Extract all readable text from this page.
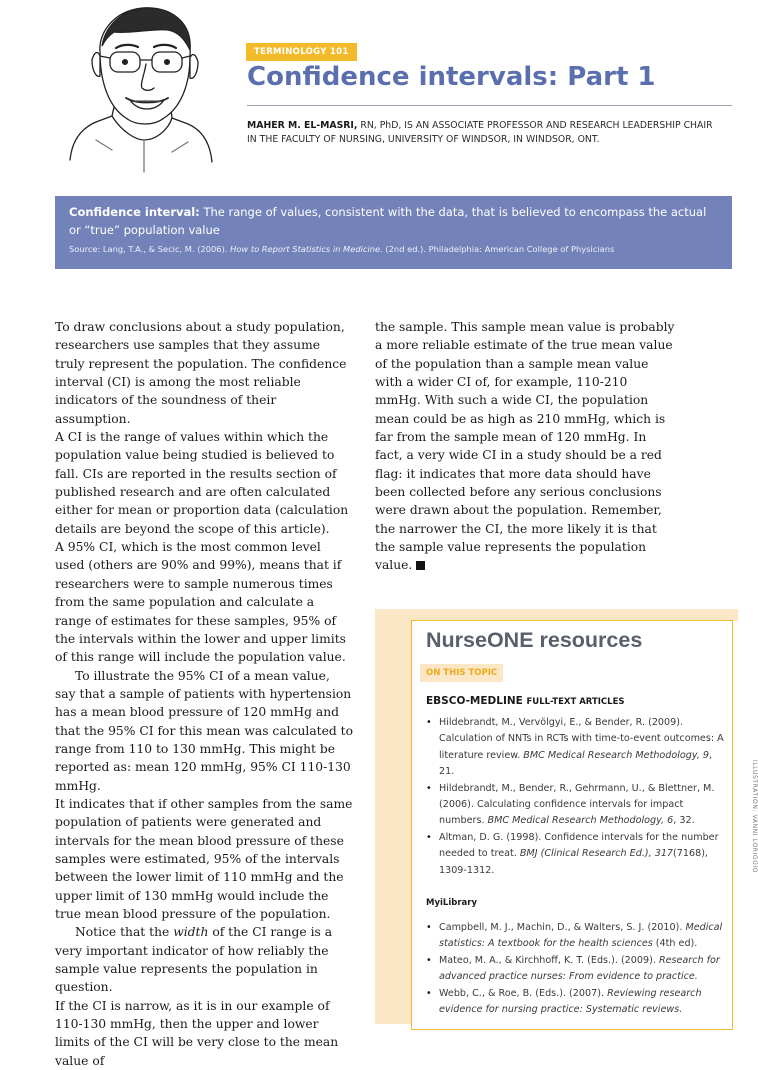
TERMINOLOGY 101
Confidence intervals: Part 1
MAHER M. EL-MASRI, RN, PhD, IS AN ASSOCIATE PROFESSOR AND RESEARCH LEADERSHIP CHAIR
IN THE FACULTY OF NURSING, UNIVERSITY OF WINDSOR, IN WINDSOR, ONT.

Confidence interval: The range of values, consistent with the data, that is believed to encompass the actual or “true” population value

Source: Lang, T.A., & Secic, M. (2006). How to Report Statistics in Medicine. (2nd ed.). Philadelphia: American College of Physicians

To draw conclusions about a study population, researchers use samples that they assume truly represent the population. The confidence interval (CI) is among the most reliable indicators of the soundness of their assumption.

A CI is the range of values within which the population value being studied is believed to fall. CIs are reported in the results section of published research and are often calculated either for mean or proportion data (calculation details are beyond the scope of this article).

A 95% CI, which is the most common level used (others are 90% and 99%), means that if researchers were to sample numerous times from the same population and calculate a range of estimates for these samples, 95% of the intervals within the lower and upper limits of this range will include the population value.

To illustrate the 95% CI of a mean value, say that a sample of patients with hypertension has a mean blood pressure of 120 mmHg and that the 95% CI for this mean was calculated to range from 110 to 130 mmHg. This might be reported as: mean 120 mmHg, 95% CI 110-130 mmHg.

It indicates that if other samples from the same population of patients were generated and intervals for the mean blood pressure of these samples were estimated, 95% of the intervals between the lower limit of 110 mmHg and the upper limit of 130 mmHg would include the true mean blood pressure of the population.

Notice that the width of the CI range is a very important indicator of how reliably the sample value represents the population in question.

If the CI is narrow, as it is in our example of 110-130 mmHg, then the upper and lower limits of the CI will be very close to the mean value of

the sample. This sample mean value is probably a more reliable estimate of the true mean value of the population than a sample mean value with a wider CI of, for example, 110-210 mmHg. With such a wide CI, the population mean could be as high as 210 mmHg, which is far from the sample mean of 120 mmHg. In fact, a very wide CI in a study should be a red flag: it indicates that more data should have been collected before any serious conclusions were drawn about the population. Remember, the narrower the CI, the more likely it is that the sample value represents the population value.

NurseONE resources
ON THIS TOPIC

EBSCO-MEDLINE FULL-TEXT ARTICLES

• Hildebrandt, M., Vervölgyi, E., & Bender, R. (2009). Calculation of NNTs in RCTs with time-to-event outcomes: A literature review. BMC Medical Research Methodology, 9, 21.
• Hildebrandt, M., Bender, R., Gehrmann, U., & Blettner, M. (2006). Calculating confidence intervals for impact numbers. BMC Medical Research Methodology, 6, 32.
• Altman, D. G. (1998). Confidence intervals for the number needed to treat. BMJ (Clinical Research Ed.), 317(7168), 1309-1312.

MyiLibrary

• Campbell, M. J., Machin, D., & Walters, S. J. (2010). Medical statistics: A textbook for the health sciences (4th ed).
• Mateo, M. A., & Kirchhoff, K. T. (Eds.). (2009). Research for advanced practice nurses: From evidence to practice.
• Webb, C., & Roe, B. (Eds.). (2007). Reviewing research evidence for nursing practice: Systematic reviews.
ILLUSTRATION: VANNI LORIGGIO
